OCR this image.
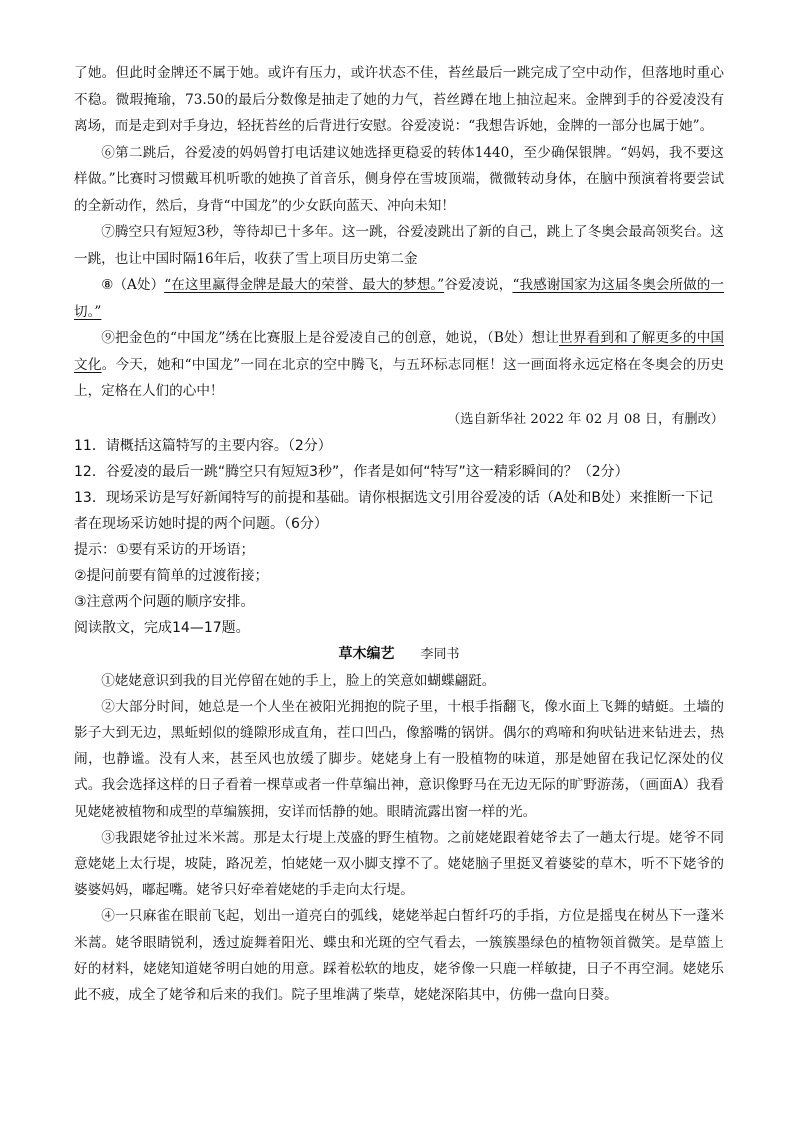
了她。但此时金牌还不属于她。或许有压力，或许状态不佳，苔丝最后一跳完成了空中动作，但落地时重心不稳。微瑕掩瑜，73.50的最后分数像是抽走了她的力气，苔丝蹲在地上抽泣起来。金牌到手的谷爱凌没有离场，而是走到对手身边，轻抚苔丝的后背进行安慰。谷爱凌说：“我想告诉她，金牌的一部分也属于她”。

⑥第二跳后，谷爱凌的妈妈曾打电话建议她选择更稳妥的转体1440，至少确保银牌。“妈妈，我不要这样做。”比赛时习惯戴耳机听歌的她换了首音乐，侧身停在雪坡顶端，微微转动身体，在脑中预演着将要尝试的全新动作，然后，身背“中国龙”的少女跃向蓝天、冲向未知！

⑦腾空只有短短3秒，等待却已十多年。这一跳，谷爱凌跳出了新的自己，跳上了冬奥会最高领奖台。这一跳，也让中国时隔16年后，收获了雪上项目历史第二金

⑧（A处）“在这里赢得金牌是最大的荣誉、最大的梦想。”谷爱凌说，“我感谢国家为这届冬奥会所做的一切。”

⑨把金色的“中国龙”绣在比赛服上是谷爱凌自己的创意，她说，（B处）想让世界看到和了解更多的中国文化。今天，她和“中国龙”一同在北京的空中腾飞，与五环标志同框！这一画面将永远定格在冬奥会的历史上，定格在人们的心中！

（选自新华社 2022 年 02 月 08 日，有删改）

11．请概括这篇特写的主要内容。（2分）

12．谷爱凌的最后一跳“腾空只有短短3秒”，作者是如何“特写”这一精彩瞬间的？（2分）

13．现场采访是写好新闻特写的前提和基础。请你根据选文引用谷爱凌的话（A处和B处）来推断一下记者在现场采访她时提的两个问题。（6分）

提示：①要有采访的开场语；

②提问前要有简单的过渡衔接；

③注意两个问题的顺序安排。

阅读散文，完成14—17题。

草木编艺 李同书

①姥姥意识到我的目光停留在她的手上，脸上的笑意如蝴蝶翩跹。

②大部分时间，她总是一个人坐在被阳光拥抱的院子里，十根手指翻飞，像水面上飞舞的蜻蜓。土墙的影子大到无边，黑蚯蚓似的缝隙形成直角，茬口凹凸，像豁嘴的锅饼。偶尔的鸡啼和狗吠钻进来钻进去，热闹，也静谧。没有人来，甚至风也放缓了脚步。姥姥身上有一股植物的味道，那是她留在我记忆深处的仪式。我会选择这样的日子看着一棵草或者一件草编出神，意识像野马在无边无际的旷野游荡，（画面A）我看见姥姥被植物和成型的草编簇拥，安详而恬静的她。眼睛流露出窗一样的光。

③我跟姥爷扯过米米蒿。那是太行堤上茂盛的野生植物。之前姥姥跟着姥爷去了一趟太行堤。姥爷不同意姥姥上太行堤，坡陡，路况差，怕姥姥一双小脚支撑不了。姥姥脑子里挺叉着婆娑的草木，听不下姥爷的婆婆妈妈，嘟起嘴。姥爷只好牵着姥姥的手走向太行堤。

④一只麻雀在眼前飞起，划出一道亮白的弧线，姥姥举起白皙纤巧的手指，方位是摇曳在树丛下一蓬米米蒿。姥爷眼睛锐利，透过旋舞着阳光、蝶虫和光斑的空气看去，一簇簇墨绿色的植物领首微笑。是草篮上好的材料，姥姥知道姥爷明白她的用意。踩着松软的地皮，姥爷像一只鹿一样敏捷，日子不再空洞。姥姥乐此不疲，成全了姥爷和后来的我们。院子里堆满了柴草，姥姥深陷其中，仿佛一盘向日葵。
